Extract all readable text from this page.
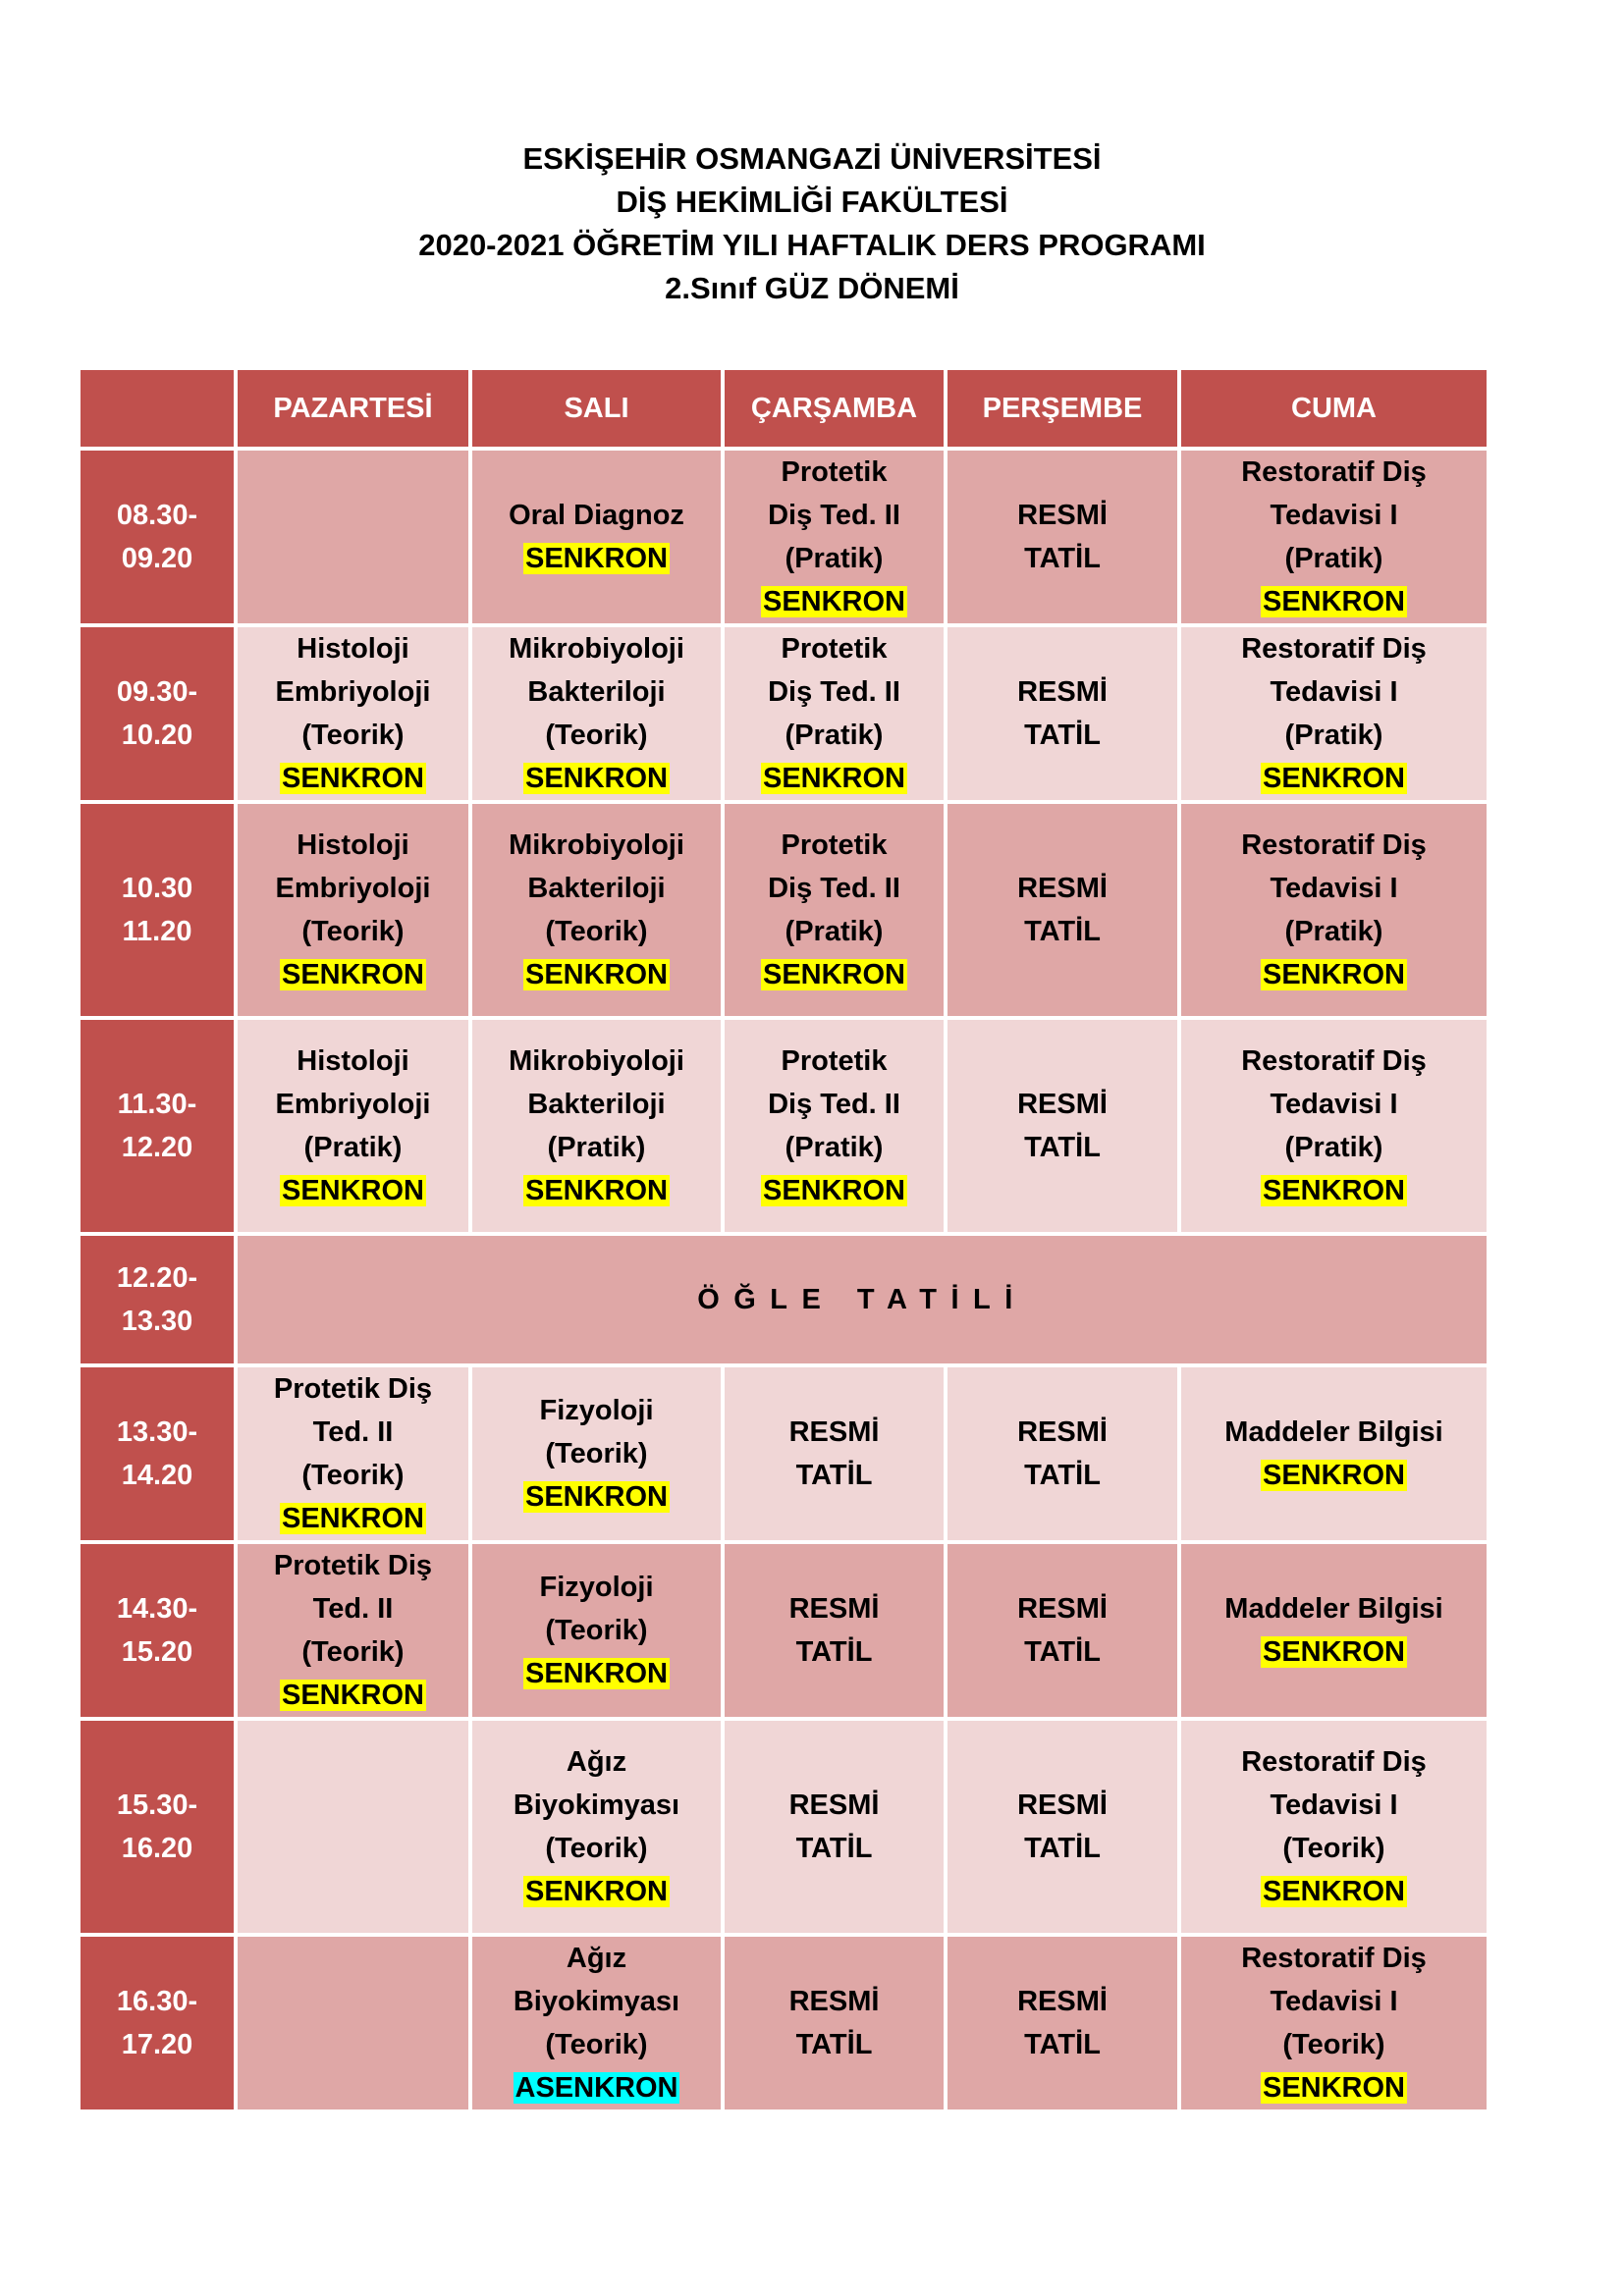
ESKİŞEHİR OSMANGAZİ ÜNİVERSİTESİ
DİŞ HEKİMLİĞİ FAKÜLTESİ
2020-2021 ÖĞRETİM YILI HAFTALIK DERS PROGRAMI
2.Sınıf GÜZ DÖNEMİ
	PAZARTESİ	SALI	ÇARŞAMBA	PERŞEMBE	CUMA

08.30-
09.20		Oral Diagnoz
SENKRON	Protetik
Diş Ted. II
(Pratik)
SENKRON	RESMİ
TATİL	Restoratif Diş
Tedavisi I
(Pratik)
SENKRON

09.30-
10.20	Histoloji
Embriyoloji
(Teorik)
SENKRON	Mikrobiyoloji
Bakteriloji
(Teorik)
SENKRON	Protetik
Diş Ted. II
(Pratik)
SENKRON	RESMİ
TATİL	Restoratif Diş
Tedavisi I
(Pratik)
SENKRON

10.30
11.20	Histoloji
Embriyoloji
(Teorik)
SENKRON	Mikrobiyoloji
Bakteriloji
(Teorik)
SENKRON	Protetik
Diş Ted. II
(Pratik)
SENKRON	RESMİ
TATİL	Restoratif Diş
Tedavisi I
(Pratik)
SENKRON

11.30-
12.20	Histoloji
Embriyoloji
(Pratik)
SENKRON	Mikrobiyoloji
Bakteriloji
(Pratik)
SENKRON	Protetik
Diş Ted. II
(Pratik)
SENKRON	RESMİ
TATİL	Restoratif Diş
Tedavisi I
(Pratik)
SENKRON

12.20-
13.30	ÖĞLE TATİLİ				

13.30-
14.20	Protetik Diş
Ted. II
(Teorik)
SENKRON	Fizyoloji
(Teorik)
SENKRON	RESMİ
TATİL	RESMİ
TATİL	Maddeler Bilgisi
SENKRON

14.30-
15.20	Protetik Diş
Ted. II
(Teorik)
SENKRON	Fizyoloji
(Teorik)
SENKRON	RESMİ
TATİL	RESMİ
TATİL	Maddeler Bilgisi
SENKRON

15.30-
16.20		Ağız
Biyokimyası
(Teorik)
SENKRON	RESMİ
TATİL	RESMİ
TATİL	Restoratif Diş
Tedavisi I
(Teorik)
SENKRON

16.30-
17.20		Ağız
Biyokimyası
(Teorik)
ASENKRON	RESMİ
TATİL	RESMİ
TATİL	Restoratif Diş
Tedavisi I
(Teorik)
SENKRON
